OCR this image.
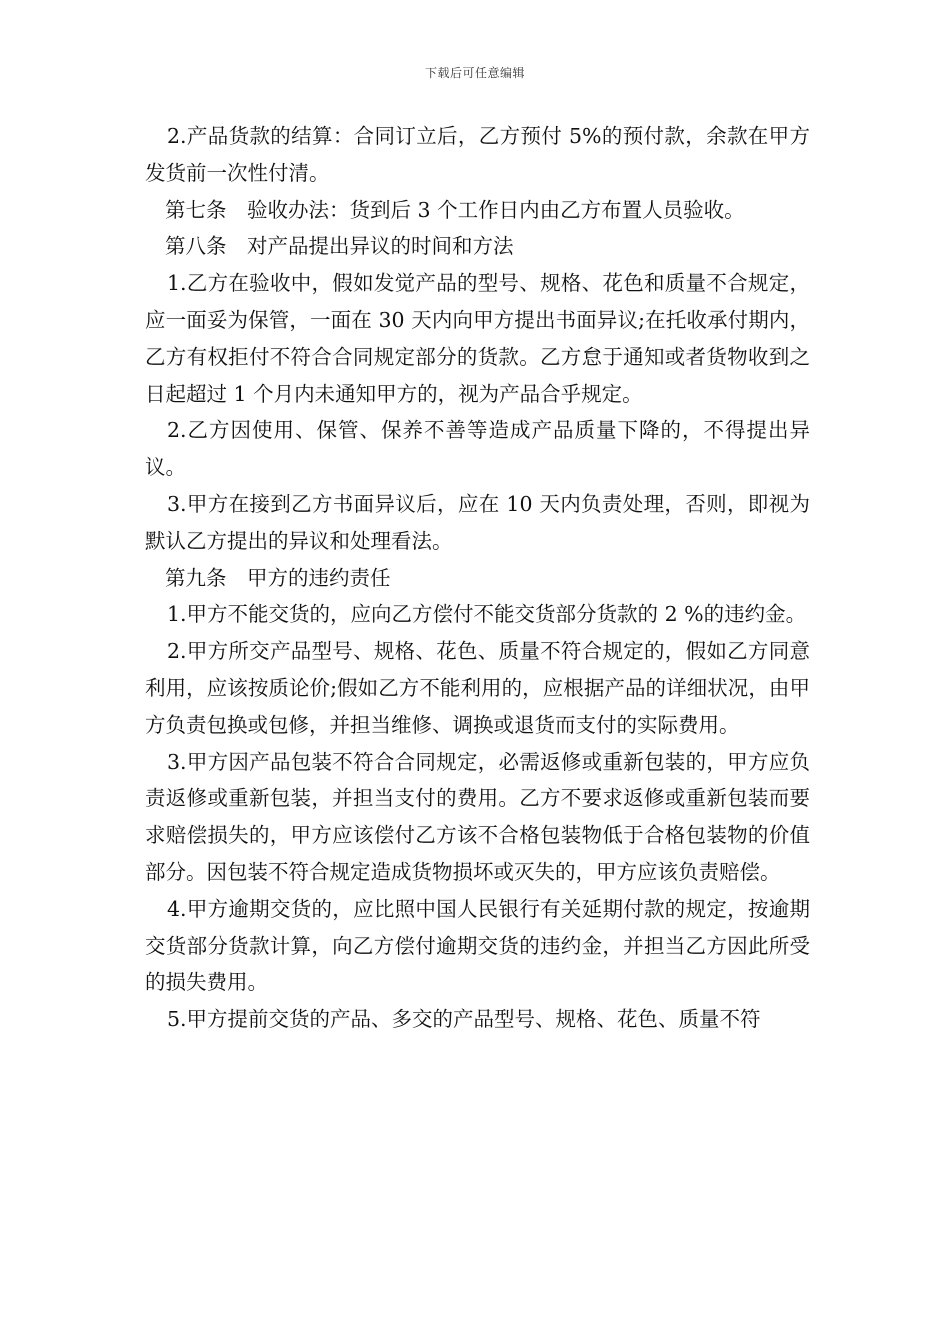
下载后可任意编辑

2.产品货款的结算：合同订立后，乙方预付 5%的预付款，余款在甲方发货前一次性付清。

第七条　验收办法：货到后 3 个工作日内由乙方布置人员验收。

第八条　对产品提出异议的时间和方法

1.乙方在验收中，假如发觉产品的型号、规格、花色和质量不合规定，应一面妥为保管，一面在 30 天内向甲方提出书面异议;在托收承付期内，乙方有权拒付不符合合同规定部分的货款。乙方怠于通知或者货物收到之日起超过 1 个月内未通知甲方的，视为产品合乎规定。

2.乙方因使用、保管、保养不善等造成产品质量下降的，不得提出异议。

3.甲方在接到乙方书面异议后，应在 10 天内负责处理，否则，即视为默认乙方提出的异议和处理看法。

第九条　甲方的违约责任

1.甲方不能交货的，应向乙方偿付不能交货部分货款的 2 %的违约金。

2.甲方所交产品型号、规格、花色、质量不符合规定的，假如乙方同意利用，应该按质论价;假如乙方不能利用的，应根据产品的详细状况，由甲方负责包换或包修，并担当维修、调换或退货而支付的实际费用。

3.甲方因产品包装不符合合同规定，必需返修或重新包装的，甲方应负责返修或重新包装，并担当支付的费用。乙方不要求返修或重新包装而要求赔偿损失的，甲方应该偿付乙方该不合格包装物低于合格包装物的价值部分。因包装不符合规定造成货物损坏或灭失的，甲方应该负责赔偿。

4.甲方逾期交货的，应比照中国人民银行有关延期付款的规定，按逾期交货部分货款计算，向乙方偿付逾期交货的违约金，并担当乙方因此所受的损失费用。

5.甲方提前交货的产品、多交的产品型号、规格、花色、质量不符
